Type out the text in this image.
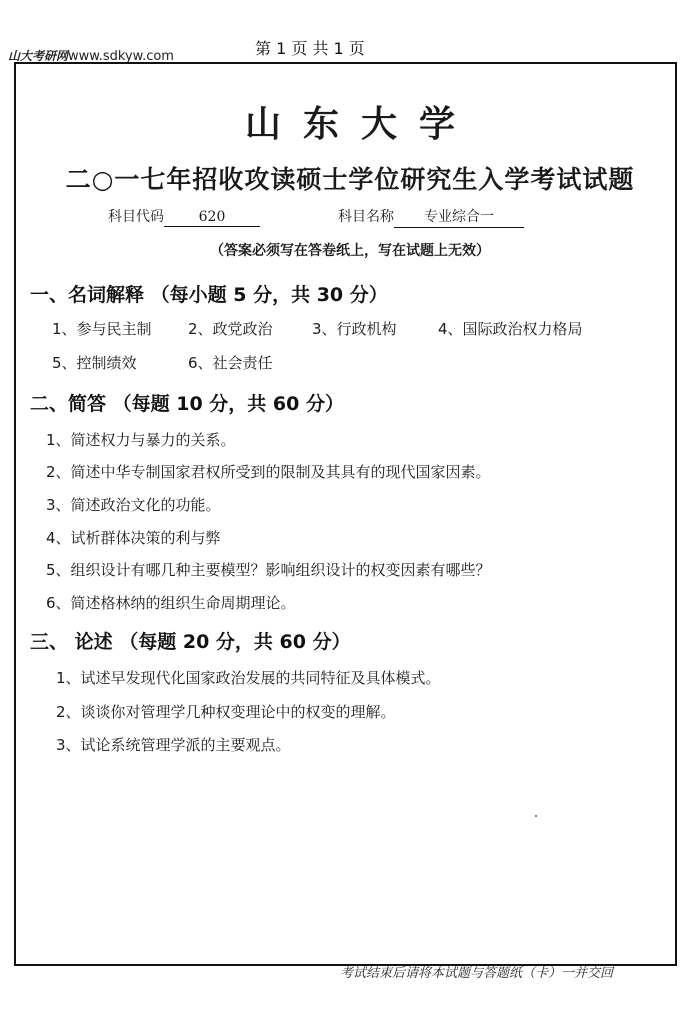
山大考研网www.sdkyw.com	第 1 页 共 1 页
山东大学
二○一七年招收攻读硕士学位研究生入学考试试题
科目代码 620	科目名称 专业综合一
（答案必须写在答卷纸上，写在试题上无效）
一、名词解释 （每小题 5 分，共 30 分）
1、参与民主制 2、政党政治	3、行政机构	4、国际政治权力格局
5、控制绩效	6、社会责任
二、简答 （每题 10 分，共 60 分）
1、简述权力与暴力的关系。
2、简述中华专制国家君权所受到的限制及其具有的现代国家因素。
3、简述政治文化的功能。
4、试析群体决策的利与弊
5、组织设计有哪几种主要模型？影响组织设计的权变因素有哪些？
6、简述格林纳的组织生命周期理论。
三、 论述 （每题 20 分，共 60 分）
1、试述早发现代化国家政治发展的共同特征及具体模式。
2、谈谈你对管理学几种权变理论中的权变的理解。
3、试论系统管理学派的主要观点。
考试结束后请将本试题与答题纸（卡）一并交回
